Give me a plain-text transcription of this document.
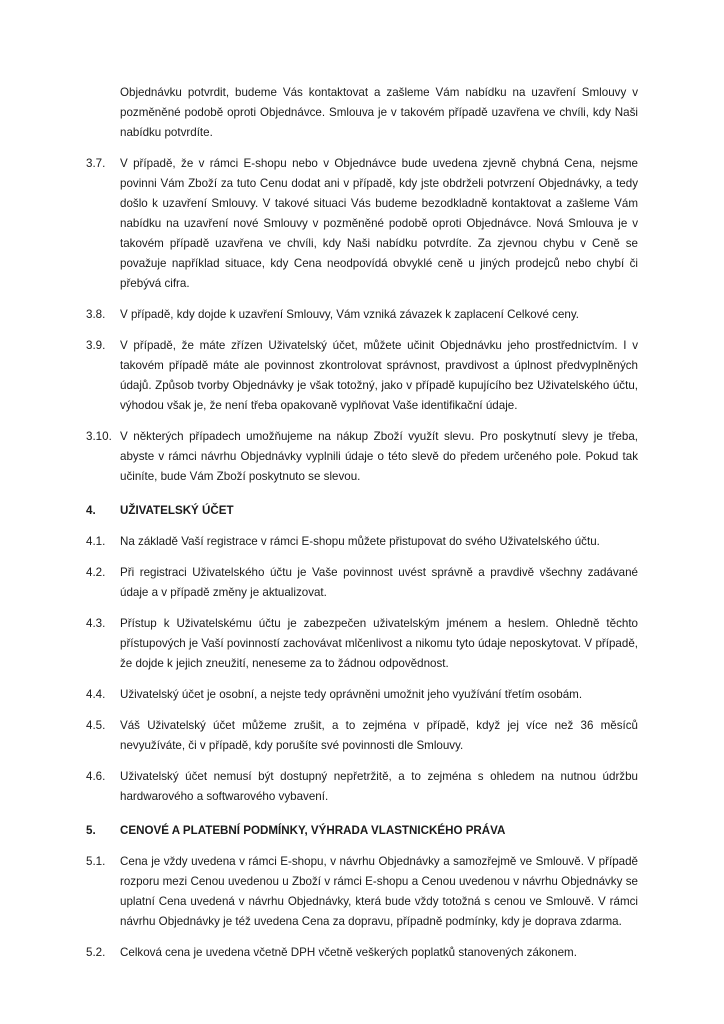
Objednávku potvrdit, budeme Vás kontaktovat a zašleme Vám nabídku na uzavření Smlouvy v pozměněné podobě oproti Objednávce. Smlouva je v takovém případě uzavřena ve chvíli, kdy Naši nabídku potvrdíte.
3.7.	V případě, že v rámci E-shopu nebo v Objednávce bude uvedena zjevně chybná Cena, nejsme povinni Vám Zboží za tuto Cenu dodat ani v případě, kdy jste obdrželi potvrzení Objednávky, a tedy došlo k uzavření Smlouvy. V takové situaci Vás budeme bezodkladně kontaktovat a zašleme Vám nabídku na uzavření nové Smlouvy v pozměněné podobě oproti Objednávce. Nová Smlouva je v takovém případě uzavřena ve chvíli, kdy Naši nabídku potvrdíte. Za zjevnou chybu v Ceně se považuje například situace, kdy Cena neodpovídá obvyklé ceně u jiných prodejců nebo chybí či přebývá cifra.
3.8.	V případě, kdy dojde k uzavření Smlouvy, Vám vzniká závazek k zaplacení Celkové ceny.
3.9.	V případě, že máte zřízen Uživatelský účet, můžete učinit Objednávku jeho prostřednictvím. I v takovém případě máte ale povinnost zkontrolovat správnost, pravdivost a úplnost předvyplněných údajů. Způsob tvorby Objednávky je však totožný, jako v případě kupujícího bez Uživatelského účtu, výhodou však je, že není třeba opakovaně vyplňovat Vaše identifikační údaje.
3.10. V některých případech umožňujeme na nákup Zboží využít slevu. Pro poskytnutí slevy je třeba, abyste v rámci návrhu Objednávky vyplnili údaje o této slevě do předem určeného pole. Pokud tak učiníte, bude Vám Zboží poskytnuto se slevou.
4.	UŽIVATELSKÝ ÚČET
4.1.	Na základě Vaší registrace v rámci E-shopu můžete přistupovat do svého Uživatelského účtu.
4.2.	Při registraci Uživatelského účtu je Vaše povinnost uvést správně a pravdivě všechny zadávané údaje a v případě změny je aktualizovat.
4.3.	Přístup k Uživatelskému účtu je zabezpečen uživatelským jménem a heslem. Ohledně těchto přístupových je Vaší povinností zachovávat mlčenlivost a nikomu tyto údaje neposkytovat. V případě, že dojde k jejich zneužití, neneseme za to žádnou odpovědnost.
4.4.	Uživatelský účet je osobní, a nejste tedy oprávněni umožnit jeho využívání třetím osobám.
4.5.	Váš Uživatelský účet můžeme zrušit, a to zejména v případě, když jej více než 36 měsíců nevyužíváte, či v případě, kdy porušíte své povinnosti dle Smlouvy.
4.6.	Uživatelský účet nemusí být dostupný nepřetržitě, a to zejména s ohledem na nutnou údržbu hardwarového a softwarového vybavení.
5.	CENOVÉ A PLATEBNÍ PODMÍNKY, VÝHRADA VLASTNICKÉHO PRÁVA
5.1.	Cena je vždy uvedena v rámci E-shopu, v návrhu Objednávky a samozřejmě ve Smlouvě. V případě rozporu mezi Cenou uvedenou u Zboží v rámci E-shopu a Cenou uvedenou v návrhu Objednávky se uplatní Cena uvedená v návrhu Objednávky, která bude vždy totožná s cenou ve Smlouvě. V rámci návrhu Objednávky je též uvedena Cena za dopravu, případně podmínky, kdy je doprava zdarma.
5.2.	Celková cena je uvedena včetně DPH včetně veškerých poplatků stanovených zákonem.
